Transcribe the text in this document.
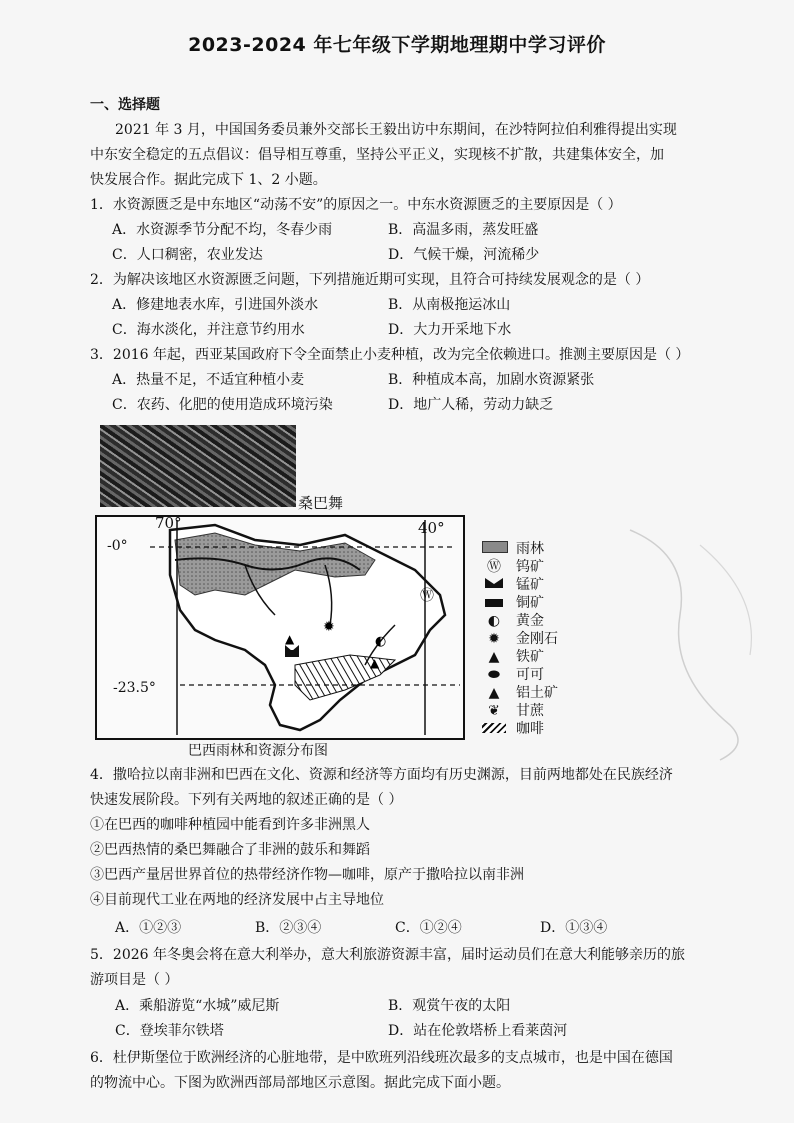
2023-2024 年七年级下学期地理期中学习评价
一、选择题
2021 年 3 月，中国国务委员兼外交部长王毅出访中东期间，在沙特阿拉伯利雅得提出实现
中东安全稳定的五点倡议：倡导相互尊重，坚持公平正义，实现核不扩散，共建集体安全，加
快发展合作。据此完成下 1、2 小题。
1．水资源匮乏是中东地区“动荡不安”的原因之一。中东水资源匮乏的主要原因是（ ）
A．水资源季节分配不均，冬春少雨	B．高温多雨，蒸发旺盛
C．人口稠密，农业发达	D．气候干燥，河流稀少
2．为解决该地区水资源匮乏问题，下列措施近期可实现，且符合可持续发展观念的是（ ）
A．修建地表水库，引进国外淡水	B．从南极拖运冰山
C．海水淡化，并注意节约用水	D．大力开采地下水
3．2016 年起，西亚某国政府下令全面禁止小麦种植，改为完全依赖进口。推测主要原因是（ ）
A．热量不足，不适宜种植小麦	B．种植成本高，加剧水资源紧张
C．农药、化肥的使用造成环境污染	D．地广人稀，劳动力缺乏
桑巴舞
Ⓦ
✹
◐
▲
▲
巴西雨林和资源分布图
70°	40°
-0°
-23.5°
雨林
Ⓦ 钨矿
锰矿
铜矿
◐ 黄金
✹ 金刚石
▲ 铁矿
⬬ 可可
▲ 铝土矿
❦ 甘蔗
咖啡
4．撒哈拉以南非洲和巴西在文化、资源和经济等方面均有历史渊源，目前两地都处在民族经济
快速发展阶段。下列有关两地的叙述正确的是（ ）
①在巴西的咖啡种植园中能看到许多非洲黑人
②巴西热情的桑巴舞融合了非洲的鼓乐和舞蹈
③巴西产量居世界首位的热带经济作物—咖啡，原产于撒哈拉以南非洲
④目前现代工业在两地的经济发展中占主导地位
A．①②③	B．②③④	C．①②④	D．①③④
5．2026 年冬奥会将在意大利举办，意大利旅游资源丰富，届时运动员们在意大利能够亲历的旅
游项目是（ ）
A．乘船游览“水城”威尼斯	B．观赏午夜的太阳
C．登埃菲尔铁塔	D．站在伦敦塔桥上看莱茵河
6．杜伊斯堡位于欧洲经济的心脏地带，是中欧班列沿线班次最多的支点城市，也是中国在德国
的物流中心。下图为欧洲西部局部地区示意图。据此完成下面小题。
